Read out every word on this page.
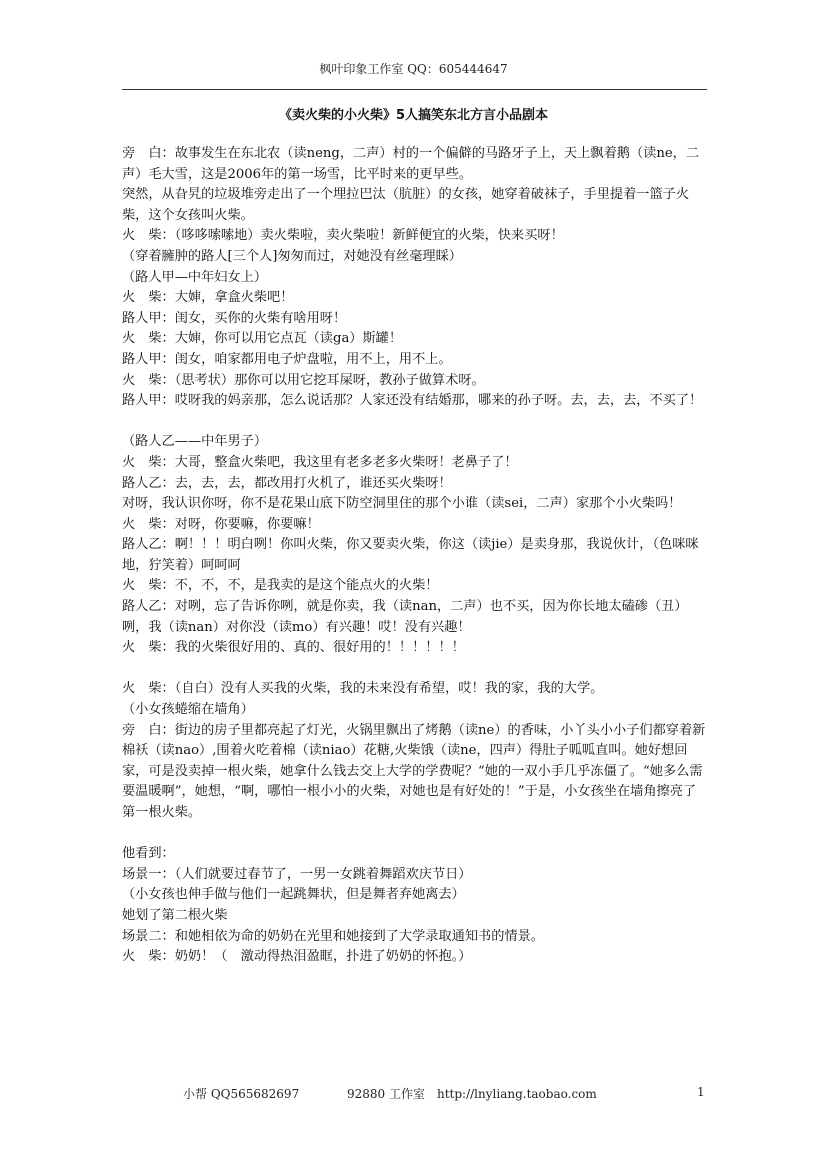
枫叶印象工作室 QQ：605444647
《卖火柴的小火柴》5人搞笑东北方言小品剧本

旁　白：故事发生在东北农（读neng，二声）村的一个偏僻的马路牙子上，天上飘着鹅（读ne，二声）毛大雪，这是2006年的第一场雪，比平时来的更早些。

突然，从旮旯的垃圾堆旁走出了一个埋拉巴汰（肮脏）的女孩，她穿着破袜子，手里提着一篮子火柴，这个女孩叫火柴。

火　柴：（哆哆嗦嗦地）卖火柴啦，卖火柴啦！新鲜便宜的火柴，快来买呀！

（穿着臃肿的路人[三个人]匆匆而过，对她没有丝毫理睬）

（路人甲—中年妇女上）

火　柴：大婶，拿盒火柴吧！

路人甲：闺女，买你的火柴有啥用呀！

火　柴：大婶，你可以用它点瓦（读ga）斯罐！

路人甲：闺女，咱家都用电子炉盘啦，用不上，用不上。

火　柴：（思考状）那你可以用它挖耳屎呀，教孙子做算术呀。

路人甲：哎呀我的妈亲那，怎么说话那？人家还没有结婚那，哪来的孙子呀。去，去，去，不买了！

（路人乙——中年男子）

火　柴：大哥，整盒火柴吧，我这里有老多老多火柴呀！老鼻子了！

路人乙：去，去，去，都改用打火机了，谁还买火柴呀！

对呀，我认识你呀，你不是花果山底下防空洞里住的那个小谁（读sei，二声）家那个小火柴吗！

火　柴：对呀，你要嘛，你要嘛！

路人乙：啊！！！明白咧！你叫火柴，你又要卖火柴，你这（读jie）是卖身那，我说伙计，（色咪咪地，狞笑着）呵呵呵

火　柴：不，不，不，是我卖的是这个能点火的火柴！

路人乙：对咧，忘了告诉你咧，就是你卖，我（读nan，二声）也不买，因为你长地太磕碜（丑）咧，我（读nan）对你没（读mo）有兴趣！哎！没有兴趣！

火　柴：我的火柴很好用的、真的、很好用的！！！！！！

火　柴：（自白）没有人买我的火柴，我的未来没有希望，哎！我的家，我的大学。

（小女孩蜷缩在墙角）

旁　白：街边的房子里都亮起了灯光，火锅里飘出了烤鹅（读ne）的香味，小丫头小小子们都穿着新棉袄（读nao）,围着火吃着棉（读niao）花糖,火柴饿（读ne，四声）得肚子呱呱直叫。她好想回家，可是没卖掉一根火柴，她拿什么钱去交上大学的学费呢？“她的一双小手几乎冻僵了。“她多么需要温暖啊”，她想，“啊，哪怕一根小小的火柴，对她也是有好处的！”于是，小女孩坐在墙角擦亮了第一根火柴。

他看到：

场景一：（人们就要过春节了，一男一女跳着舞蹈欢庆节日）

（小女孩也伸手做与他们一起跳舞状，但是舞者弃她离去）

她划了第二根火柴

场景二：和她相依为命的奶奶在光里和她接到了大学录取通知书的情景。

火　柴：奶奶！（　激动得热泪盈眶，扑进了奶奶的怀抱。）

小帮 QQ565682697	92880 工作室　http://lnyliang.taobao.com	1
